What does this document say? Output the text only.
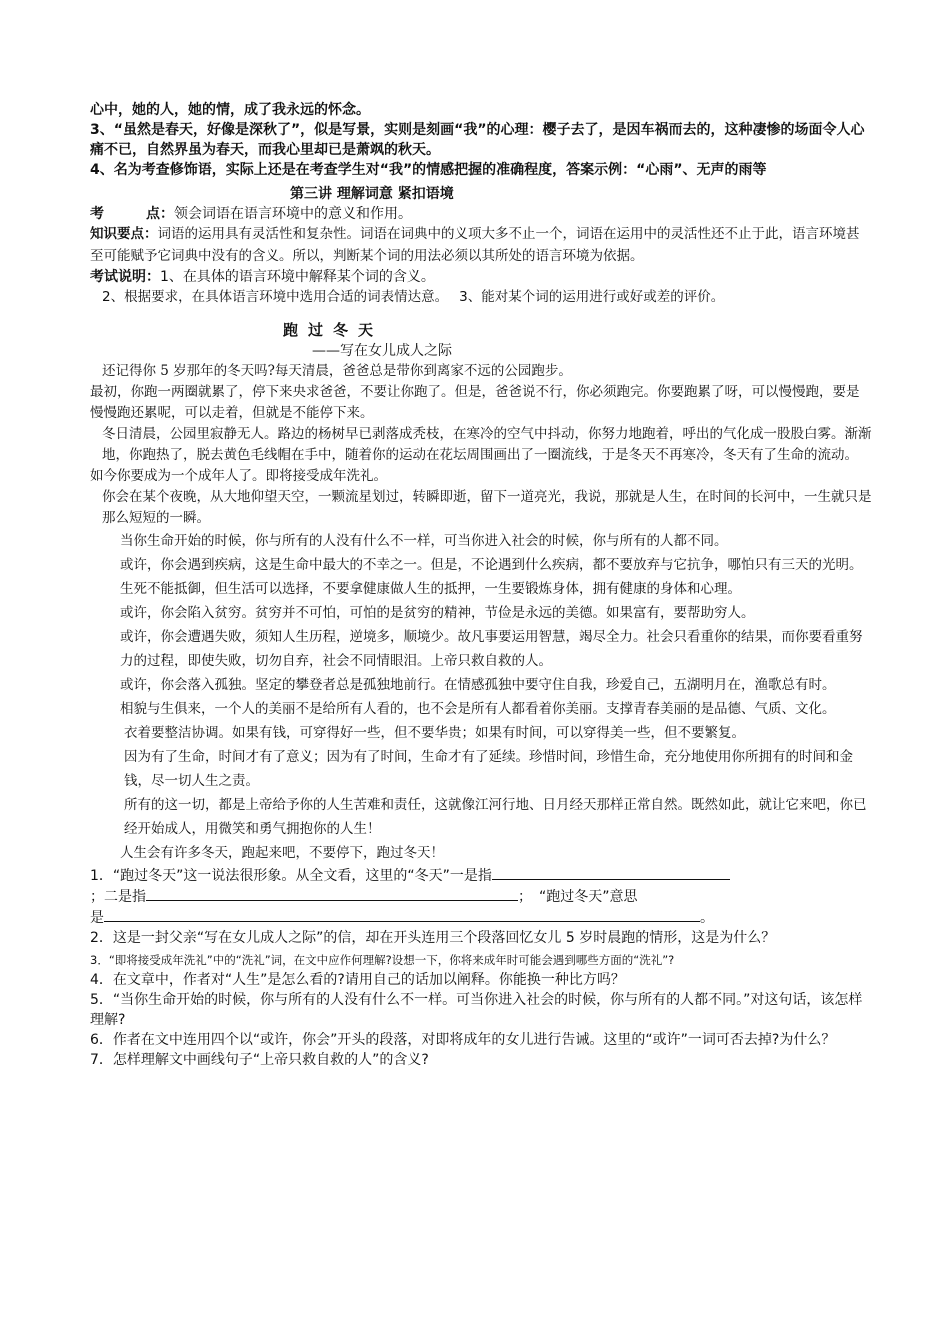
心中，她的人，她的情，成了我永远的怀念。

3、“虽然是春天，好像是深秋了”，似是写景，实则是刻画“我”的心理：樱子去了，是因车祸而去的，这种凄惨的场面令人心痛不已，自然界虽为春天，而我心里却已是萧飒的秋天。

4、名为考查修饰语，实际上还是在考查学生对“我”的情感把握的准确程度，答案示例：“心雨”、无声的雨等

第三讲 理解词意 紧扣语境

考　　　点：领会词语在语言环境中的意义和作用。

知识要点：词语的运用具有灵活性和复杂性。词语在词典中的义项大多不止一个，词语在运用中的灵活性还不止于此，语言环境甚至可能赋予它词典中没有的含义。所以，判断某个词的用法必须以其所处的语言环境为依据。

考试说明：1、在具体的语言环境中解释某个词的含义。

2、根据要求，在具体语言环境中选用合适的词表情达意。　 3、能对某个词的运用进行或好或差的评价。

跑过冬天

——写在女儿成人之际

还记得你 5 岁那年的冬天吗?每天清晨，爸爸总是带你到离家不远的公园跑步。

最初，你跑一两圈就累了，停下来央求爸爸，不要让你跑了。但是，爸爸说不行，你必须跑完。你要跑累了呀，可以慢慢跑，要是慢慢跑还累呢，可以走着，但就是不能停下来。

冬日清晨，公园里寂静无人。路边的杨树早已剥落成秃枝，在寒冷的空气中抖动，你努力地跑着，呼出的气化成一股股白雾。渐渐地，你跑热了，脱去黄色毛线帽在手中，随着你的运动在花坛周围画出了一圈流线，于是冬天不再寒冷，冬天有了生命的流动。

如今你要成为一个成年人了。即将接受成年洗礼。

你会在某个夜晚，从大地仰望天空，一颗流星划过，转瞬即逝，留下一道亮光，我说，那就是人生，在时间的长河中，一生就只是那么短短的一瞬。

当你生命开始的时候，你与所有的人没有什么不一样，可当你进入社会的时候，你与所有的人都不同。

或许，你会遇到疾病，这是生命中最大的不幸之一。但是，不论遇到什么疾病，都不要放弃与它抗争，哪怕只有三天的光明。生死不能抵御，但生活可以选择，不要拿健康做人生的抵押，一生要锻炼身体，拥有健康的身体和心理。

或许，你会陷入贫穷。贫穷并不可怕，可怕的是贫穷的精神，节俭是永远的美德。如果富有，要帮助穷人。

或许，你会遭遇失败，须知人生历程，逆境多，顺境少。故凡事要运用智慧，竭尽全力。社会只看重你的结果，而你要看重努力的过程，即使失败，切勿自弃，社会不同情眼泪。上帝只救自救的人。

或许，你会落入孤独。坚定的攀登者总是孤独地前行。在情感孤独中要守住自我，珍爱自己，五湖明月在，渔歌总有时。

相貌与生俱来，一个人的美丽不是给所有人看的，也不会是所有人都看着你美丽。支撑青春美丽的是品德、气质、文化。

衣着要整洁协调。如果有钱，可穿得好一些，但不要华贵；如果有时间，可以穿得美一些，但不要繁复。

因为有了生命，时间才有了意义；因为有了时间，生命才有了延续。珍惜时间，珍惜生命，充分地使用你所拥有的时间和金钱，尽一切人生之责。

所有的这一切，都是上帝给予你的人生苦难和责任，这就像江河行地、日月经天那样正常自然。既然如此，就让它来吧，你已经开始成人，用微笑和勇气拥抱你的人生！

人生会有许多冬天，跑起来吧，不要停下，跑过冬天！

1．“跑过冬天”这一说法很形象。从全文看，这里的“冬天”一是指

；二是指	；　“跑过冬天”意思

是	。

2．这是一封父亲“写在女儿成人之际”的信，却在开头连用三个段落回忆女儿 5 岁时晨跑的情形，这是为什么？

3．“即将接受成年洗礼”中的“洗礼”词，在文中应作何理解?设想一下，你将来成年时可能会遇到哪些方面的“洗礼”?

4．在文章中，作者对“人生”是怎么看的?请用自己的话加以阐释。你能换一种比方吗？

5．“当你生命开始的时候，你与所有的人没有什么不一样。可当你进入社会的时候，你与所有的人都不同。”对这句话，该怎样理解?

6．作者在文中连用四个以“或许，你会”开头的段落，对即将成年的女儿进行告诫。这里的“或许”一词可否去掉?为什么？

7．怎样理解文中画线句子“上帝只救自救的人”的含义?
